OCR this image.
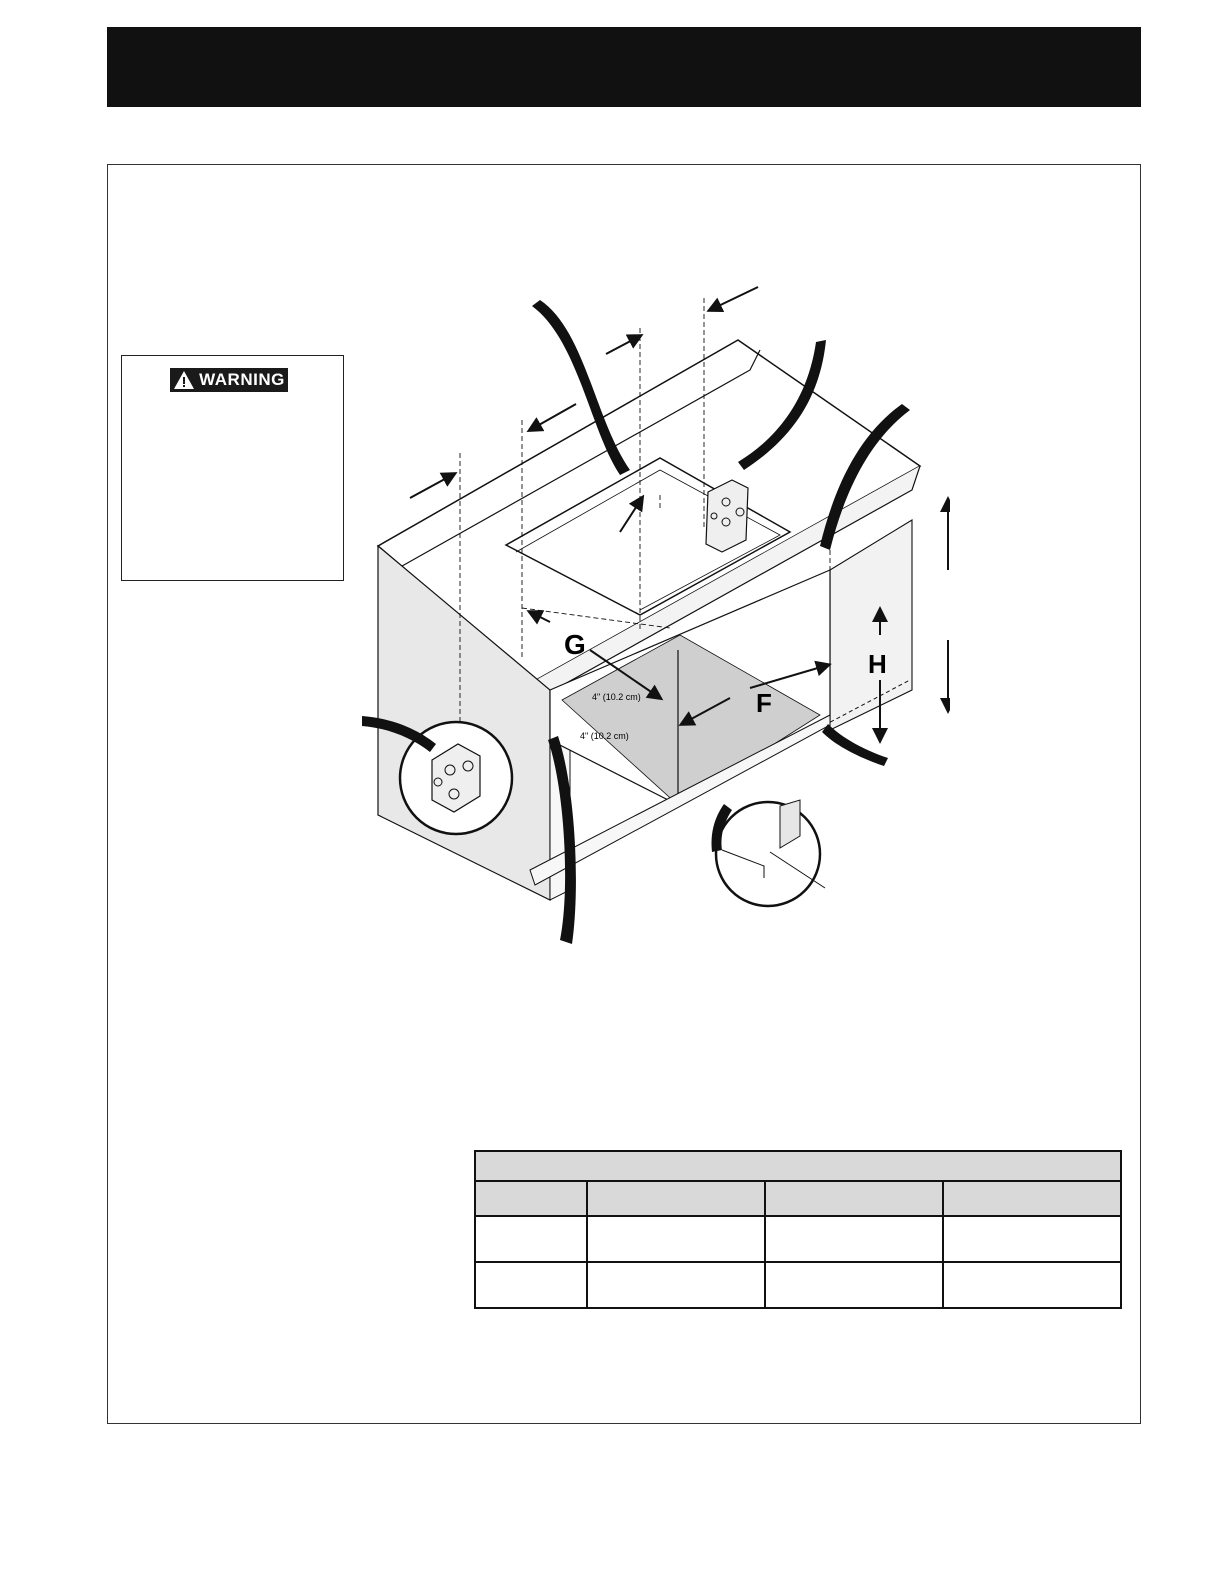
WARNING
G
F
H
4" (10.2 cm)
4" (10.2 cm)
